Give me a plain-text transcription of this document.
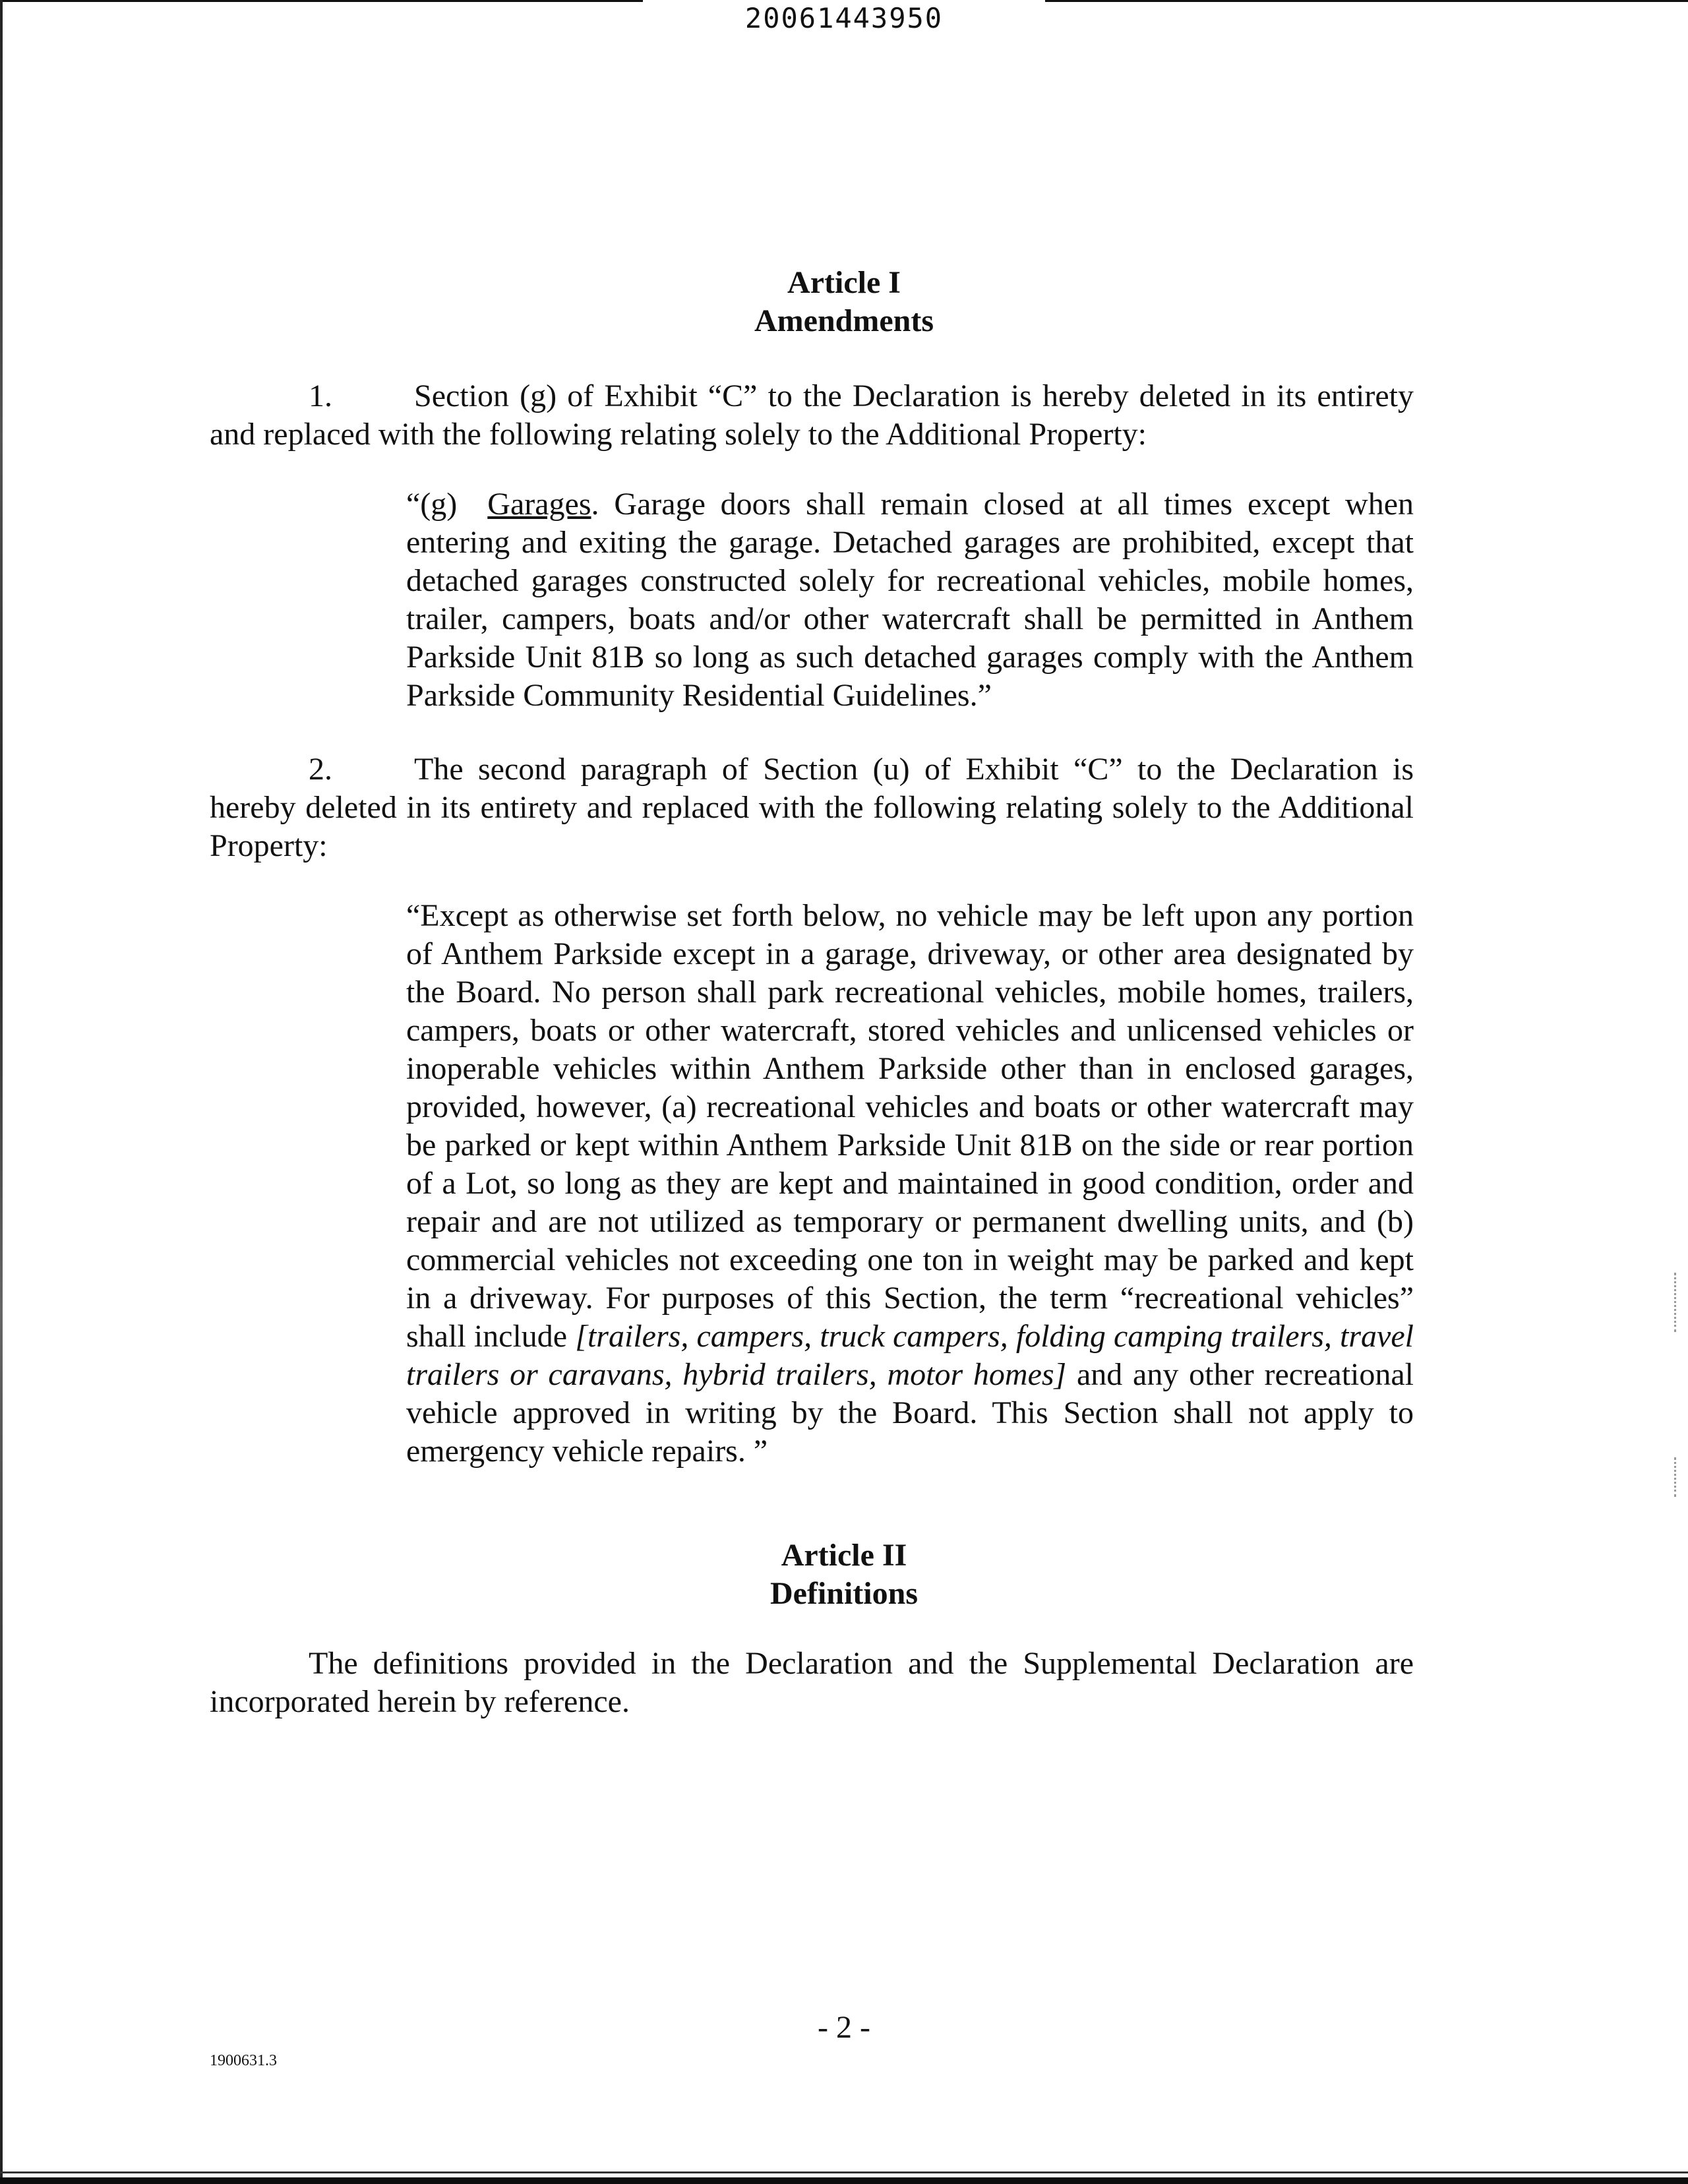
20061443950
Article I
Amendments

1.	Section (g) of Exhibit “C” to the Declaration is hereby deleted in its entirety and replaced with the following relating solely to the Additional Property:

“(g) Garages. Garage doors shall remain closed at all times except when entering and exiting the garage. Detached garages are prohibited, except that detached garages constructed solely for recreational vehicles, mobile homes, trailer, campers, boats and/or other watercraft shall be permitted in Anthem Parkside Unit 81B so long as such detached garages comply with the Anthem Parkside Community Residential Guidelines.”

2.	The second paragraph of Section (u) of Exhibit “C” to the Declaration is hereby deleted in its entirety and replaced with the following relating solely to the Additional Property:

“Except as otherwise set forth below, no vehicle may be left upon any portion of Anthem Parkside except in a garage, driveway, or other area designated by the Board. No person shall park recreational vehicles, mobile homes, trailers, campers, boats or other watercraft, stored vehicles and unlicensed vehicles or inoperable vehicles within Anthem Parkside other than in enclosed garages, provided, however, (a) recreational vehicles and boats or other watercraft may be parked or kept within Anthem Parkside Unit 81B on the side or rear portion of a Lot, so long as they are kept and maintained in good condition, order and repair and are not utilized as temporary or permanent dwelling units, and (b) commercial vehicles not exceeding one ton in weight may be parked and kept in a driveway. For purposes of this Section, the term “recreational vehicles” shall include [trailers, campers, truck campers, folding camping trailers, travel trailers or caravans, hybrid trailers, motor homes] and any other recreational vehicle approved in writing by the Board. This Section shall not apply to emergency vehicle repairs. ”

Article II
Definitions

The definitions provided in the Declaration and the Supplemental Declaration are incorporated herein by reference.

- 2 -
1900631.3
